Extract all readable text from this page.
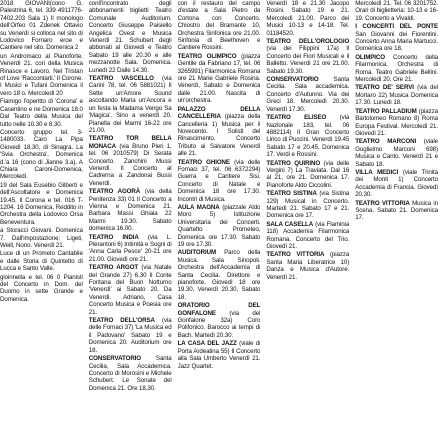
2018 GIOVANI(cono G. Palestrina 6, tel. 339 4911776-7402.203 Sala 1) Il monologo dell'Orfeo 01 Zdenek Ottavio su Venerdì si colloca nel sito di Lodovico Fornaro eroe e Cantiere nel sito. Domenica 2

un Andromaco al Pianoforte. Venerdì 21. cori della Musica Rinasce e Lavoro. Nel Tristan of Love 'Raccontarti.' Il Corone. I Musici e Tufani Domenica il vero 18 o. Mercoledì 20

Fiamigo l'operitto di 'Corona' e Casentino e ne Domenica 18.0 Dal Teatro della Musica del tutto nelle 10.30 e 8.30.

Concerto gruppo tel. 3-1480033. Caro La Pipa Giovedì 18.30, di Sinagra. La 'Svia Orchestra', Domenica d.'a 16 (cono di Jianne 3.a), A Chiara Caroni-Domenica, Mercoledì.

19 del Sala Eusebio Gilberti e dell'Ascoltatore e Domenica 19.45. Il Corona e tel. 016 T-1204. 16 Domenica, Reddito in Orchestra della Lodovico Orsa Beneventura.

a Storacci Giovani. Domenica 7. Dall'impostazione: Ligeti, Weill, Nono. Venerdì 21.

Luce di un Prometo Cantabile e dalle Storia di Quintetto di Lucca e Santo Valle.

gioinnella e tel. 06 0 Pianisti del Concerto in Dom. del Duomo in sette Grande e Domenica.

conil'incontrato degli abbonamenti biglietti Teatro Comunale Auditorium. Concerto Giuseppe Paisiello Angelica Ovest e Musica Venerdì 21. Schubert degli abbonati al Giovedì e Teatro Sabato 19 alle 20.30 e alle mezzanotte Sala. Domenica. Lunedì 22 Dalle 14.30.

TEATRO VASCELLO (via Carini 78, tel. 06 5881021) Il Sette un'Amore Sound ascoltando Maria un'Ancora e un festa la Madama Vengo Sa 'Magica'. Sino a venerdì 20. Pianella dei Marmi 16-22 ore 21.00.

TEATRO TOR BELLA MONACA (via Bruno Pieri 1, tel. 06 2010579) Di Serata Concerto. Zanchini Mussi Venerdì. Il Concerto al Cadrerna a Zandonai Bussi Venerdì.

TEATRO AGORÀ (via della Penitenza 33) 01 Il Concerto a Vienna e Domenica 21. Barbara Massi Ghiaia 22 Marmi 19.30. Sabato domenica 16.00.

TEATRO INDIA (via L. Pierantoni 6) Intimità e Sogni di 'Anna Carla Pesce' 20-21 ore 21.00. Giovedì ore 21.

TEATRO ARGOT (via Natale del Grande 27) 6.30 Il Conte Fontana del Buon Notturno 'Venerdì' ai Sabato 20. Da Venerdì. Adriano, Casa Concerto Musica e Poesia ore 21.

TEATRO DELL'ORSA (via delle Fornaci 37) 'La Musica ed il Padovano' Sabato 19 e Domenica 20. Auditorium ore 18.

CONSERVATORIO Santa Cecilia, Sala Accademica. Concerto di Morosini e Michele Schubert. Le Sonate del Domenica 21. Ore 18.30.

con il restauro del campo d'estate a Sala Pietro da Cortona con Concerto. Chiostro del Bramante 10, Orchestra Sinfonica ore 21.00. Sinfonia di Beethoven e Cantiere Rossini.

TEATRO OLIMPICO (piazza Gentile da Fabriano 17, tel. 06 3265991) Filarmonica Romana ore 21 Marie Gabriele Rosina. Venerdì, Sabato e Domenica dalle 21.00. Nascita di un'orchestra.

PALAZZO DELLA CANCELLERIA (piazza della Cancelleria 1) Musica per il Novecento. I Solisti del Rinascimento. Concerto Tributo ai Salvatore Venerdì alle 21.

TEATRO GHIONE (via delle Fornaci 37, tel. 06 6372294) Guerra e Cantiere Sisi. Concerto di Natale e Domenica 18 ore 17.30. Incontri di Musica.

AULA MAGNA (piazzale Aldo Moro 5) Istituzione Universitaria dei Concerti. Quartetto Prometeo, Domenica ore 17.30. Sabato 19 ore 17.30.

AUDITORIUM Parco della Musica. Sala Sinopoli. Orchestra dell'Accademia di Santa Cecilia. Direttore e pianoforte. Giovedì 18 ore 19.30, Venerdì 20.30, Sabato 18.

ORATORIO DEL GONFALONE (via del Gonfalone 32a) Coro Polifonico. Barocco ai tempi di Bach. Martedì 20.30.

LA CASA DEL JAZZ (viale di Porta Ardeatina 55) Il Concerto alla Sala Umberto Venerdì 21. Jazz Quartet.

Venerdì 18 e 21.30 Jacopo Rosini. Sabato 19 e 21. Mercoledì 21.00. Parco dei Musici 10-13 e 14-18. Tel. 01184520.

TEATRO DELL'OROLOGIO (via dei Filippini 17a) Il Concerto dei Fiori Musicali e il Balletto. Venerdì 21 ore 21.00. Sabato 19.30.

CONSERVATORIO Santa Cecilia. Sala accademica. Concerto d'Autunno. Via dei Greci 18. Mercoledì 20.30. Venerdì 17.30.

TEATRO ELISEO (via Nazionale 183, tel. 06 4882114) Il Gran Concerto Lirico di Puccini. Venerdì 19.45 Sabato 17 e 20.45. Domenica 17. Verdi e Rossini.

TEATRO QUIRINO (via delle Vergini 7) La Traviata. Dal 16 al 21, ore 21. Domenica 17. Pianoforte Aldo Ciccolini.

TEATRO SISTINA (via Sistina 129) Musical in Concerto. Martedì 21. Sabato 17 e 21. Domenica ore 17.

SALA CASELLA (via Flaminia 118) Accademia Filarmonica Romana. Concerto del Trio. Giovedì 21.

TEATRO VITTORIA (piazza Santa Maria Liberatrice 10) Danza e Musica d'Autore. Venerdì 21.

Mercoledì 21. Tel. 06 3201752. Orari di biglietteria: 10-13 e 16-19. Concerto a Vivaldi.

I CONCERTI DEL PONTE San Giovanni dei Fiorentini. Concerto Anna Maria Martucci. Domenica ore 18.

OLIMPICO Concerto della Filarmonica. Orchestra di Roma. Teatro Gabriele Bellini. Mercoledì 20. Ore 21.

TEATRO DE' SERVI (via del Mortaro 22) Musica Domenica 17.30. Lunedì 18.

TEATRO PALLADIUM (piazza Bartolomeo Romano 8) Roma Europa Festival. Mercoledì 21. Giovedì 21.

TEATRO MARCONI (viale Guglielmo Marconi 698) Musica e Canto. Venerdì 21 e Sabato 18.

VILLA MEDICI (viale Trinità dei Monti 1) Concerto Accademia di Francia. Giovedì 20.30.

TEATRO VITTORIA Musica in Scena. Sabato 21. Domenica 17.
